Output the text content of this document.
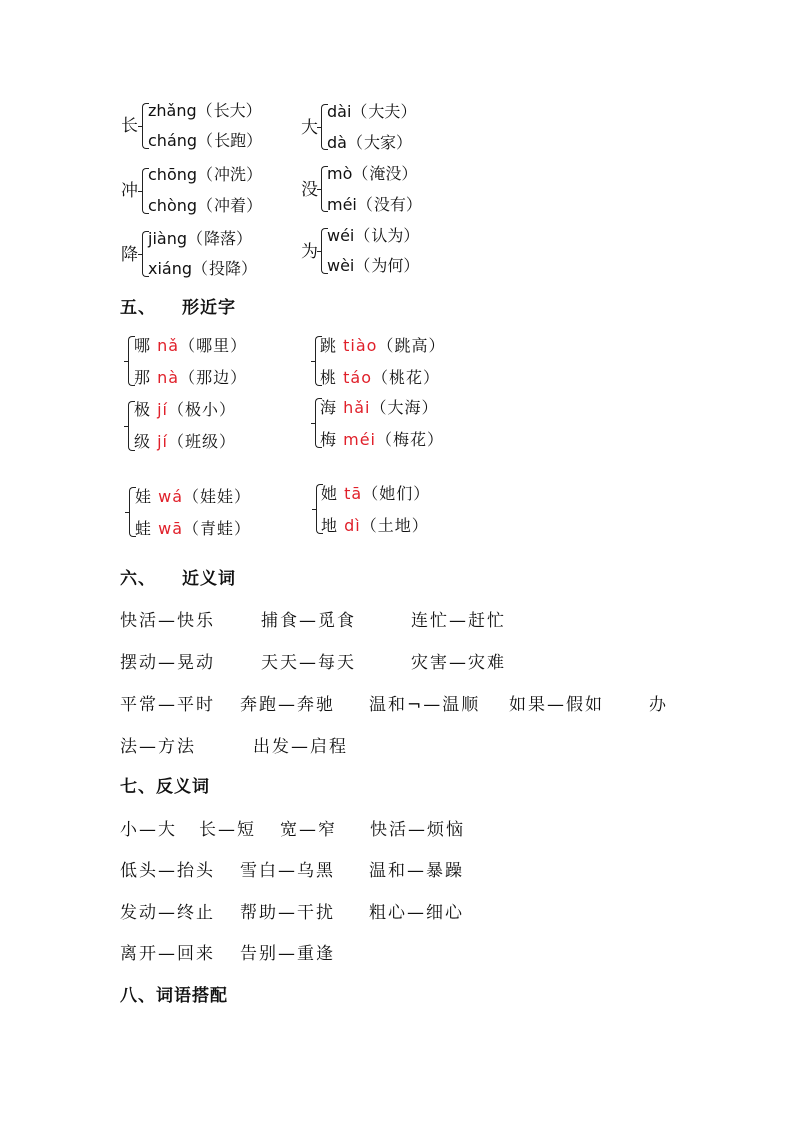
长
zhǎng（长大）
cháng（长跑）
大
dài（大夫）
dà（大家）
冲
chōng（冲洗）
chòng（冲着）
没
mò（淹没）
méi（没有）
降
jiàng（降落）
xiáng（投降）
为
wéi（认为）
wèi（为何）
五、 形近字
哪 nǎ（哪里）
那 nà（那边）
跳 tiào（跳高）
桃 táo（桃花）
极 jí（极小）
级 jí（班级）
海 hǎi（大海）
梅 méi（梅花）
娃 wá（娃娃）
蛙 wā（青蛙）
她 tā（她们）
地 dì（土地）
六、 近义词
快活—快乐	捕食—觅食	连忙—赶忙
摆动—晃动	天天—每天	灾害—灾难
平常—平时 奔跑—奔驰 温和¬—温顺 如果—假如	办
法—方法	出发—启程
七、反义词
小—大 长—短 宽—窄 快活—烦恼
低头—抬头 雪白—乌黑 温和—暴躁
发动—终止 帮助—干扰 粗心—细心
离开—回来 告别—重逢
八、词语搭配
